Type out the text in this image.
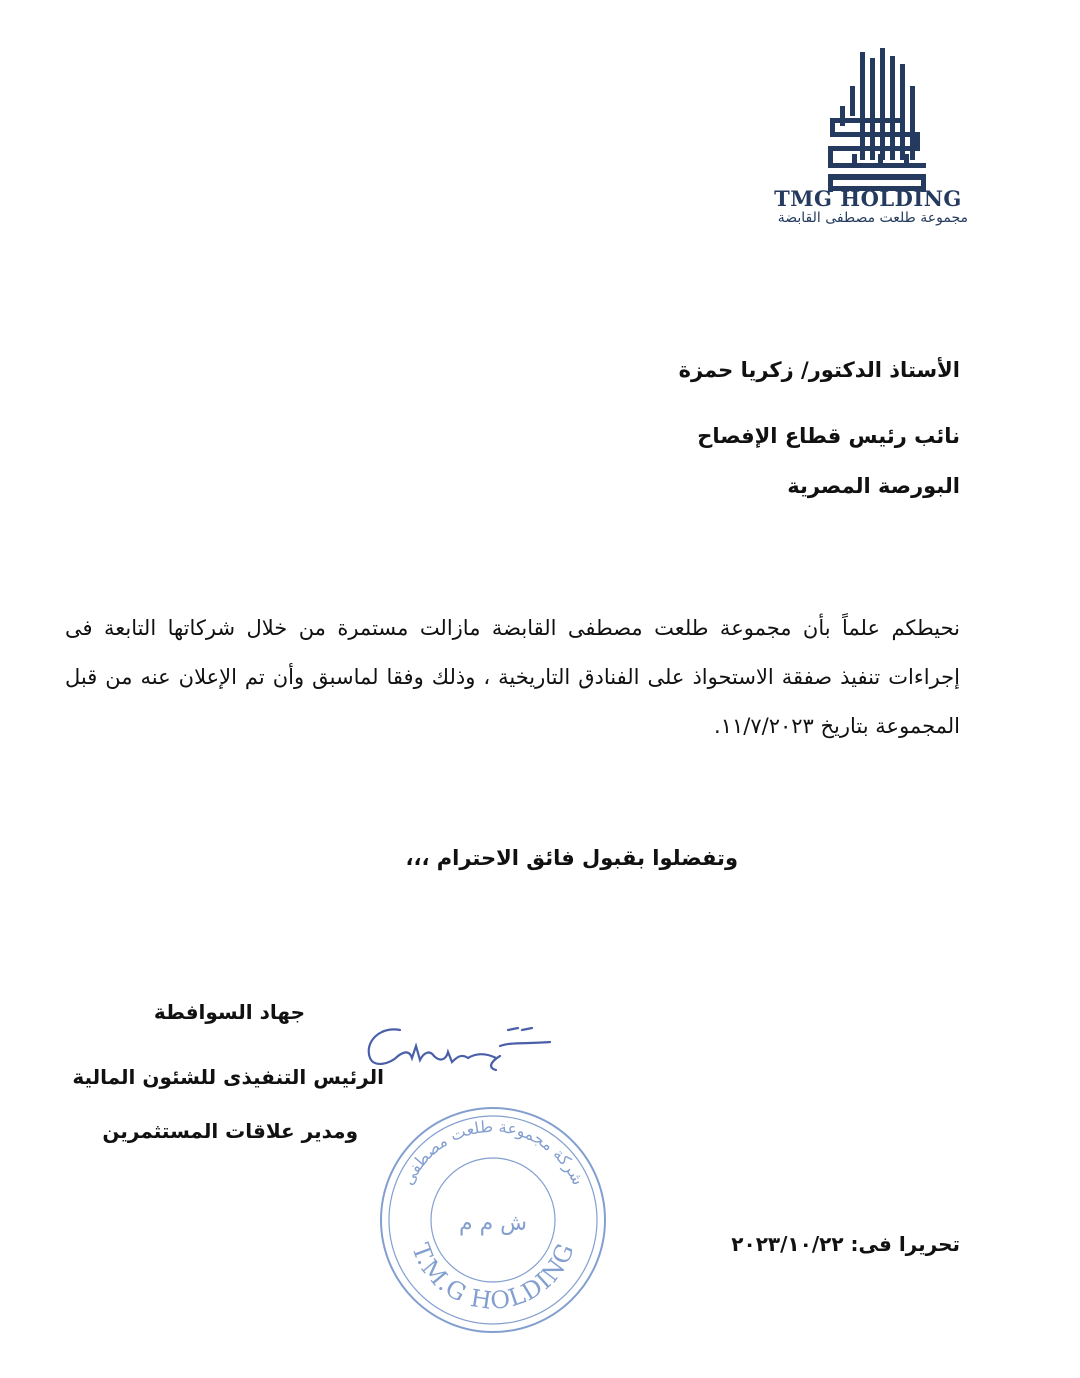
TMG HOLDING
مجموعة طلعت مصطفى القابضة
الأستاذ الدكتور/ زكريا حمزة
نائب رئيس قطاع الإفصاح
البورصة المصرية
نحيطكم علماً بأن مجموعة طلعت مصطفى القابضة مازالت مستمرة من خلال شركاتها التابعة فى إجراءات تنفيذ صفقة الاستحواذ على الفنادق التاريخية ، وذلك وفقا لماسبق وأن تم الإعلان عنه من قبل المجموعة بتاريخ ١١/٧/٢٠٢٣.
وتفضلوا بقبول فائق الاحترام ،،،
جهاد السوافطة
الرئيس التنفيذى للشئون المالية
ومدير علاقات المستثمرين
شركة مجموعة طلعت مصطفى
T.M.G HOLDING
ش م م
تحريرا فى: ٢٠٢٣/١٠/٢٢
